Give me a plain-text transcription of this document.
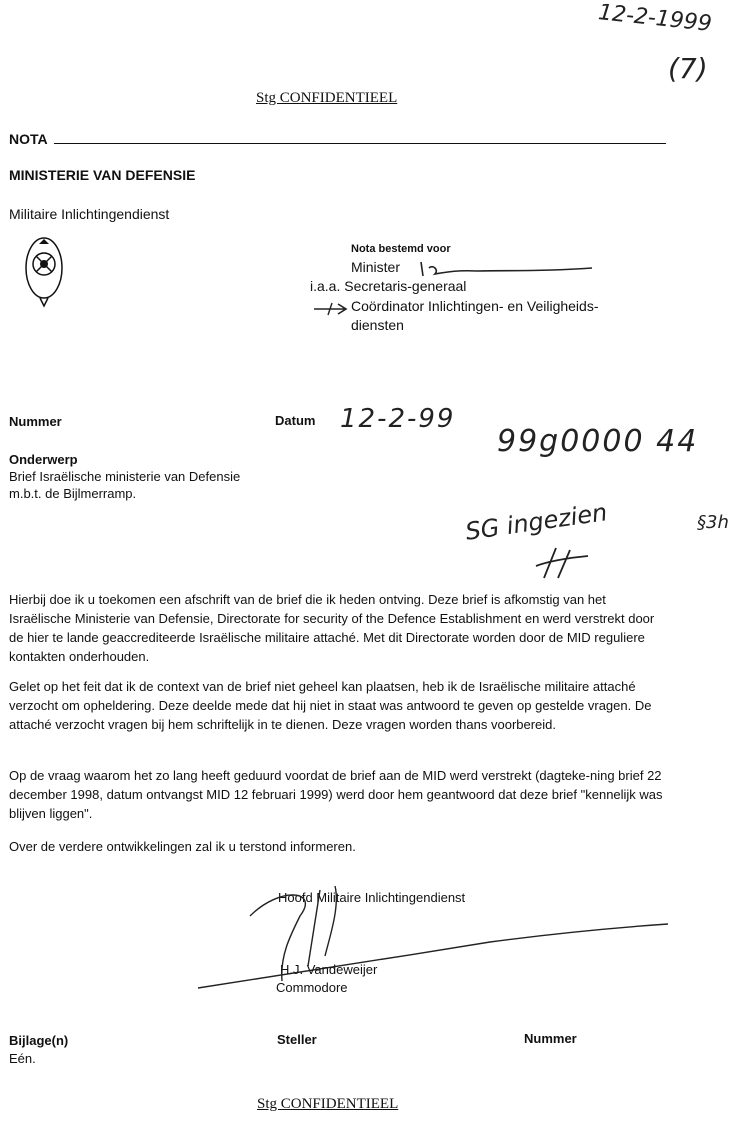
12-2-1999
(7)
Stg CONFIDENTIEEL
NOTA
MINISTERIE VAN DEFENSIE
Militaire Inlichtingendienst
Nota bestemd voor
Minister
i.a.a. Secretaris-generaal
Coördinator Inlichtingen- en Veiligheids-
diensten
Nummer	Datum 12-2-99
99g0000 44
Onderwerp
Brief Israëlische ministerie van Defensie
m.b.t. de Bijlmerramp.
SG ingezien	§3h
Hierbij doe ik u toekomen een afschrift van de brief die ik heden ontving. Deze brief is afkomstig van het Israëlische Ministerie van Defensie, Directorate for security of the Defence Establishment en werd verstrekt door de hier te lande geaccrediteerde Israëlische militaire attaché. Met dit Directorate worden door de MID reguliere kontakten onderhouden.
Gelet op het feit dat ik de context van de brief niet geheel kan plaatsen, heb ik de Israëlische militaire attaché verzocht om opheldering. Deze deelde mede dat hij niet in staat was antwoord te geven op gestelde vragen. De attaché verzocht vragen bij hem schriftelijk in te dienen. Deze vragen worden thans voorbereid.
Op de vraag waarom het zo lang heeft geduurd voordat de brief aan de MID werd verstrekt (dagteke-ning brief 22 december 1998, datum ontvangst MID 12 februari 1999) werd door hem geantwoord dat deze brief "kennelijk was blijven liggen".
Over de verdere ontwikkelingen zal ik u terstond informeren.
Hoofd Militaire Inlichtingendienst
H.J. Vandeweijer
Commodore
Bijlage(n)
Eén.
Steller	Nummer
Stg CONFIDENTIEEL
